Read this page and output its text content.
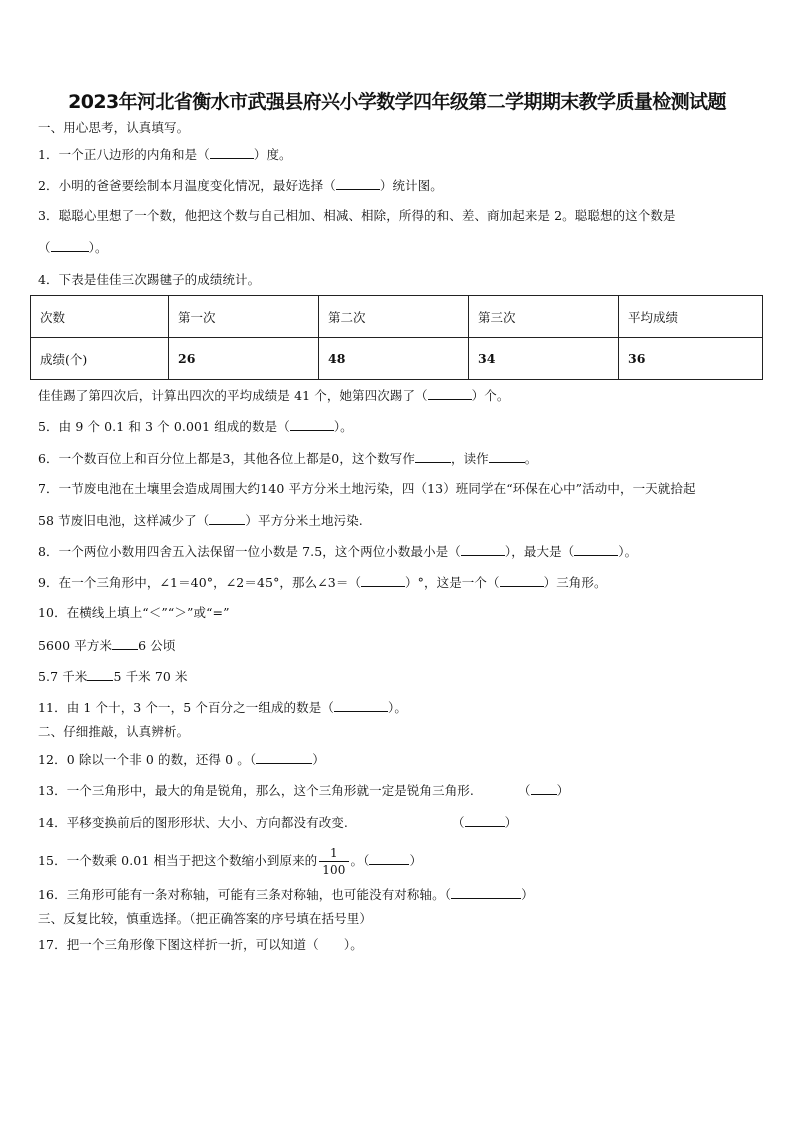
2023年河北省衡水市武强县府兴小学数学四年级第二学期期末教学质量检测试题
一、用心思考，认真填写。
1．一个正八边形的内角和是（	）度。
2．小明的爸爸要绘制本月温度变化情况，最好选择（	）统计图。
3．聪聪心里想了一个数，他把这个数与自己相加、相减、相除，所得的和、差、商加起来是 2。聪聪想的这个数是
（	）。
4．下表是佳佳三次踢毽子的成绩统计。
次数	第一次	第二次	第三次	平均成绩
成绩(个)	26	48	34	36
佳佳踢了第四次后，计算出四次的平均成绩是 41 个，她第四次踢了（	）个。
5．由 9 个 0.1 和 3 个 0.001 组成的数是（	）。
6．一个数百位上和百分位上都是3，其他各位上都是0，这个数写作	，读作	。
7．一节废电池在土壤里会造成周围大约140 平方分米土地污染，四（13）班同学在“环保在心中”活动中，一天就拾起
58 节废旧电池，这样减少了（	）平方分米土地污染.
8．一个两位小数用四舍五入法保留一位小数是 7.5，这个两位小数最小是（	），最大是（	）。
9．在一个三角形中，∠1＝40°，∠2＝45°，那么∠3＝（	）°，这是一个（	）三角形。
10．在横线上填上“＜”“＞”或“=”
5600 平方米 6 公顷
5.7 千米 5 千米 70 米
11．由 1 个十，3 个一，5 个百分之一组成的数是（	）。
二、仔细推敲，认真辨析。
12．0 除以一个非 0 的数，还得 0 。（	）
13．一个三角形中，最大的角是锐角，那么，这个三角形就一定是锐角三角形.	（ ）
14．平移变换前后的图形形状、大小、方向都没有改变.	（	）
15．一个数乘 0.01 相当于把这个数缩小到原来的 $\frac{1}{100}$ 。（	）
16．三角形可能有一条对称轴，可能有三条对称轴，也可能没有对称轴。（	）
三、反复比较，慎重选择。（把正确答案的序号填在括号里）
17．把一个三角形像下图这样折一折，可以知道（　　）。
